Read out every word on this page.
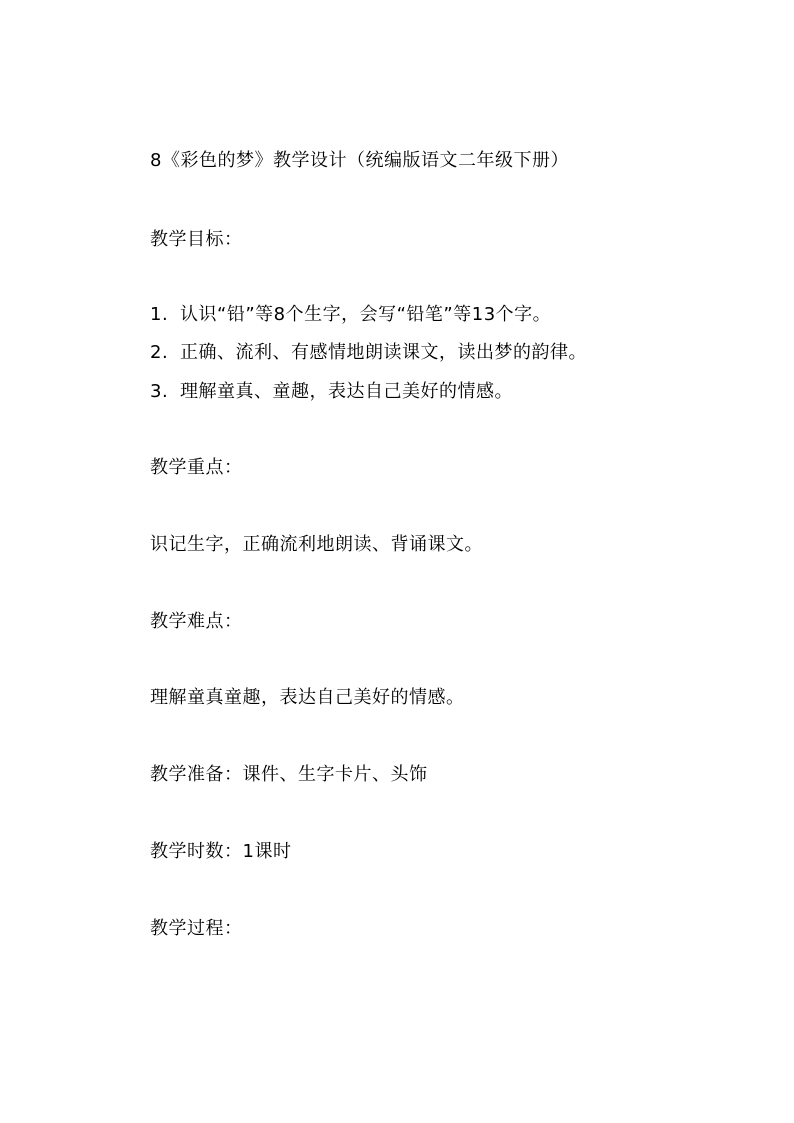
8《彩色的梦》教学设计（统编版语文二年级下册）
教学目标：
1. 认识“铅”等8个生字，会写“铅笔”等13个字。
2. 正确、流利、有感情地朗读课文，读出梦的韵律。
3. 理解童真、童趣，表达自己美好的情感。
教学重点：
识记生字，正确流利地朗读、背诵课文。
教学难点：
理解童真童趣，表达自己美好的情感。
教学准备：课件、生字卡片、头饰
教学时数：1课时
教学过程：
